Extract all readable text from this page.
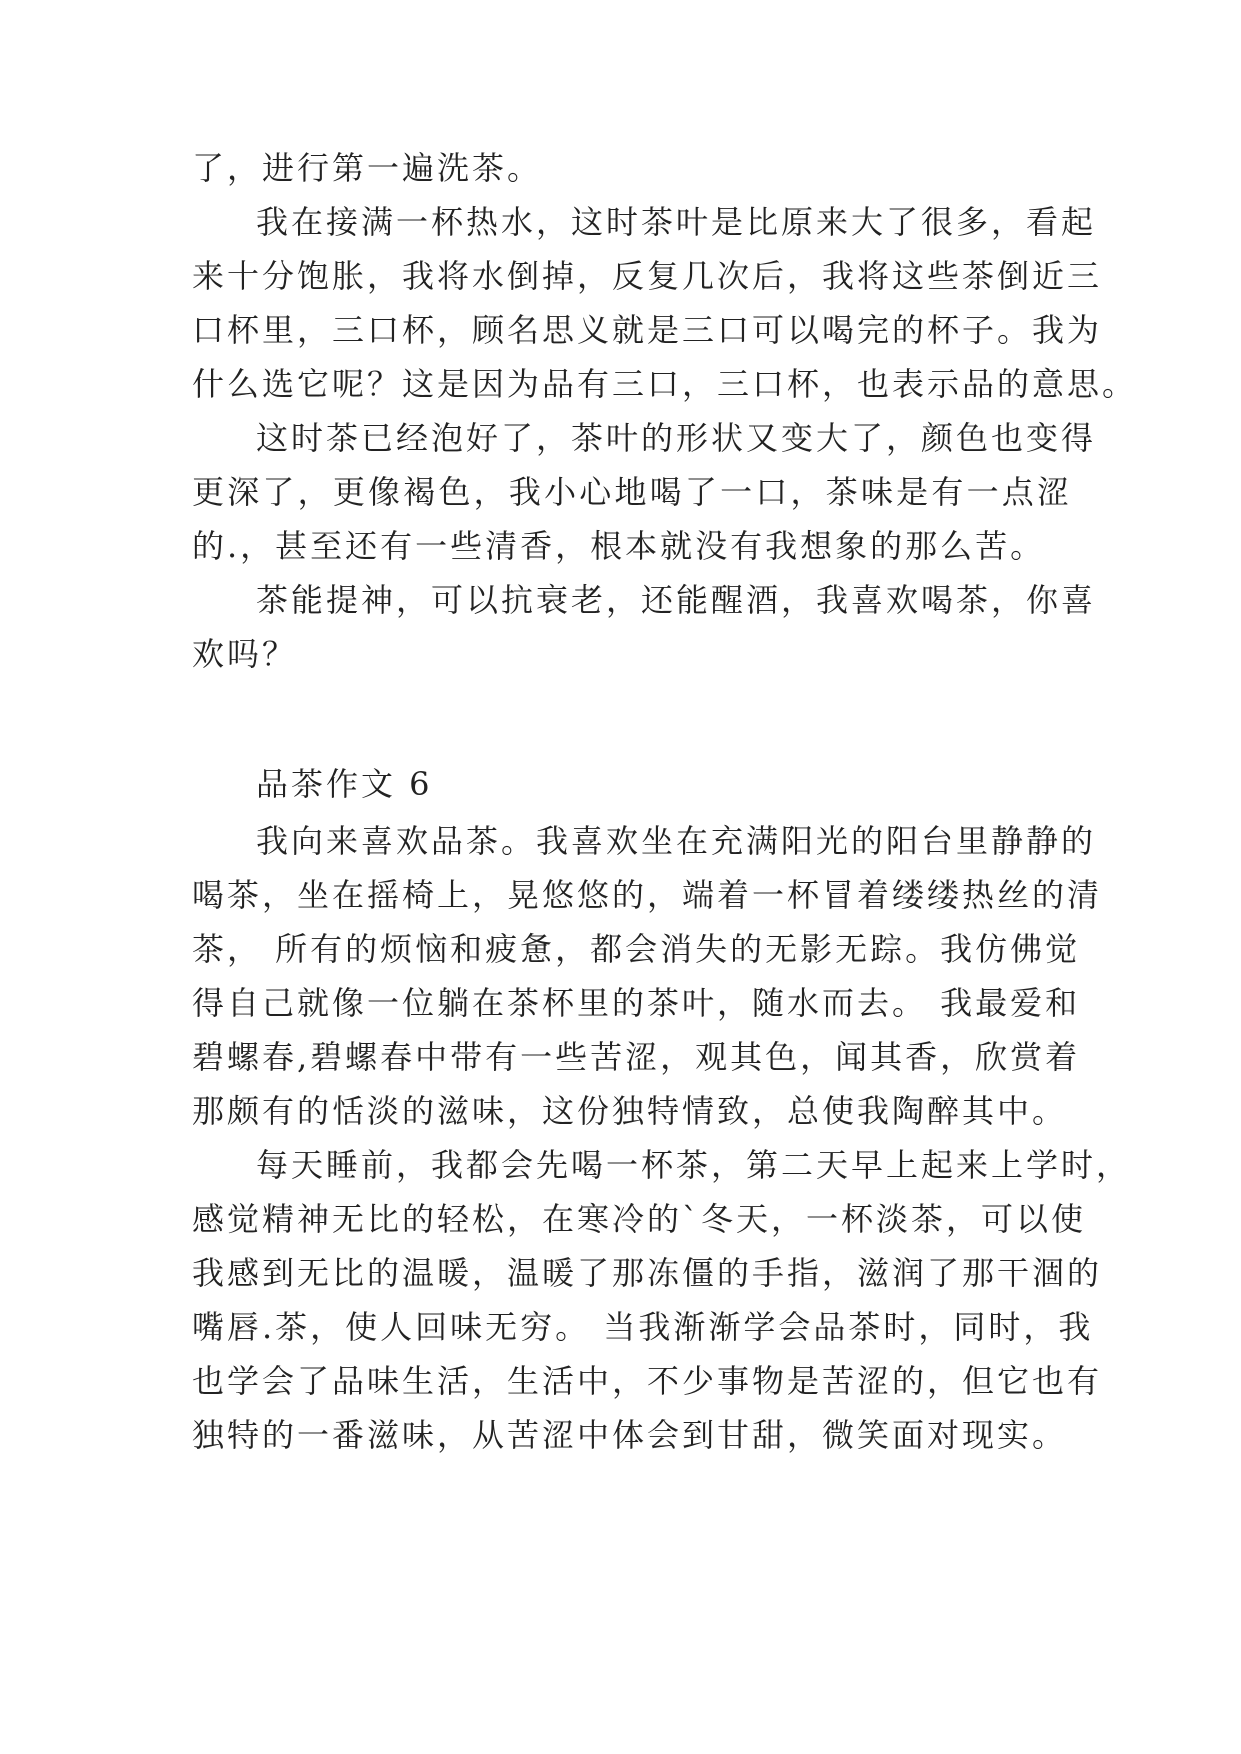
了，进行第一遍洗茶。
我在接满一杯热水，这时茶叶是比原来大了很多，看起
来十分饱胀，我将水倒掉，反复几次后，我将这些茶倒近三
口杯里，三口杯，顾名思义就是三口可以喝完的杯子。我为
什么选它呢？这是因为品有三口，三口杯，也表示品的意思。
这时茶已经泡好了，茶叶的形状又变大了，颜色也变得
更深了，更像褐色，我小心地喝了一口，茶味是有一点涩
的.，甚至还有一些清香，根本就没有我想象的那么苦。
茶能提神，可以抗衰老，还能醒酒，我喜欢喝茶，你喜
欢吗？
品茶作文 6
我向来喜欢品茶。我喜欢坐在充满阳光的阳台里静静的
喝茶，坐在摇椅上，晃悠悠的，端着一杯冒着缕缕热丝的清
茶， 所有的烦恼和疲惫，都会消失的无影无踪。我仿佛觉
得自己就像一位躺在茶杯里的茶叶，随水而去。 我最爱和
碧螺春,碧螺春中带有一些苦涩，观其色，闻其香，欣赏着
那颇有的恬淡的滋味，这份独特情致，总使我陶醉其中。
每天睡前，我都会先喝一杯茶，第二天早上起来上学时，
感觉精神无比的轻松，在寒冷的`冬天，一杯淡茶，可以使
我感到无比的温暖，温暖了那冻僵的手指，滋润了那干涸的
嘴唇.茶，使人回味无穷。 当我渐渐学会品茶时，同时，我
也学会了品味生活，生活中，不少事物是苦涩的，但它也有
独特的一番滋味，从苦涩中体会到甘甜，微笑面对现实。
